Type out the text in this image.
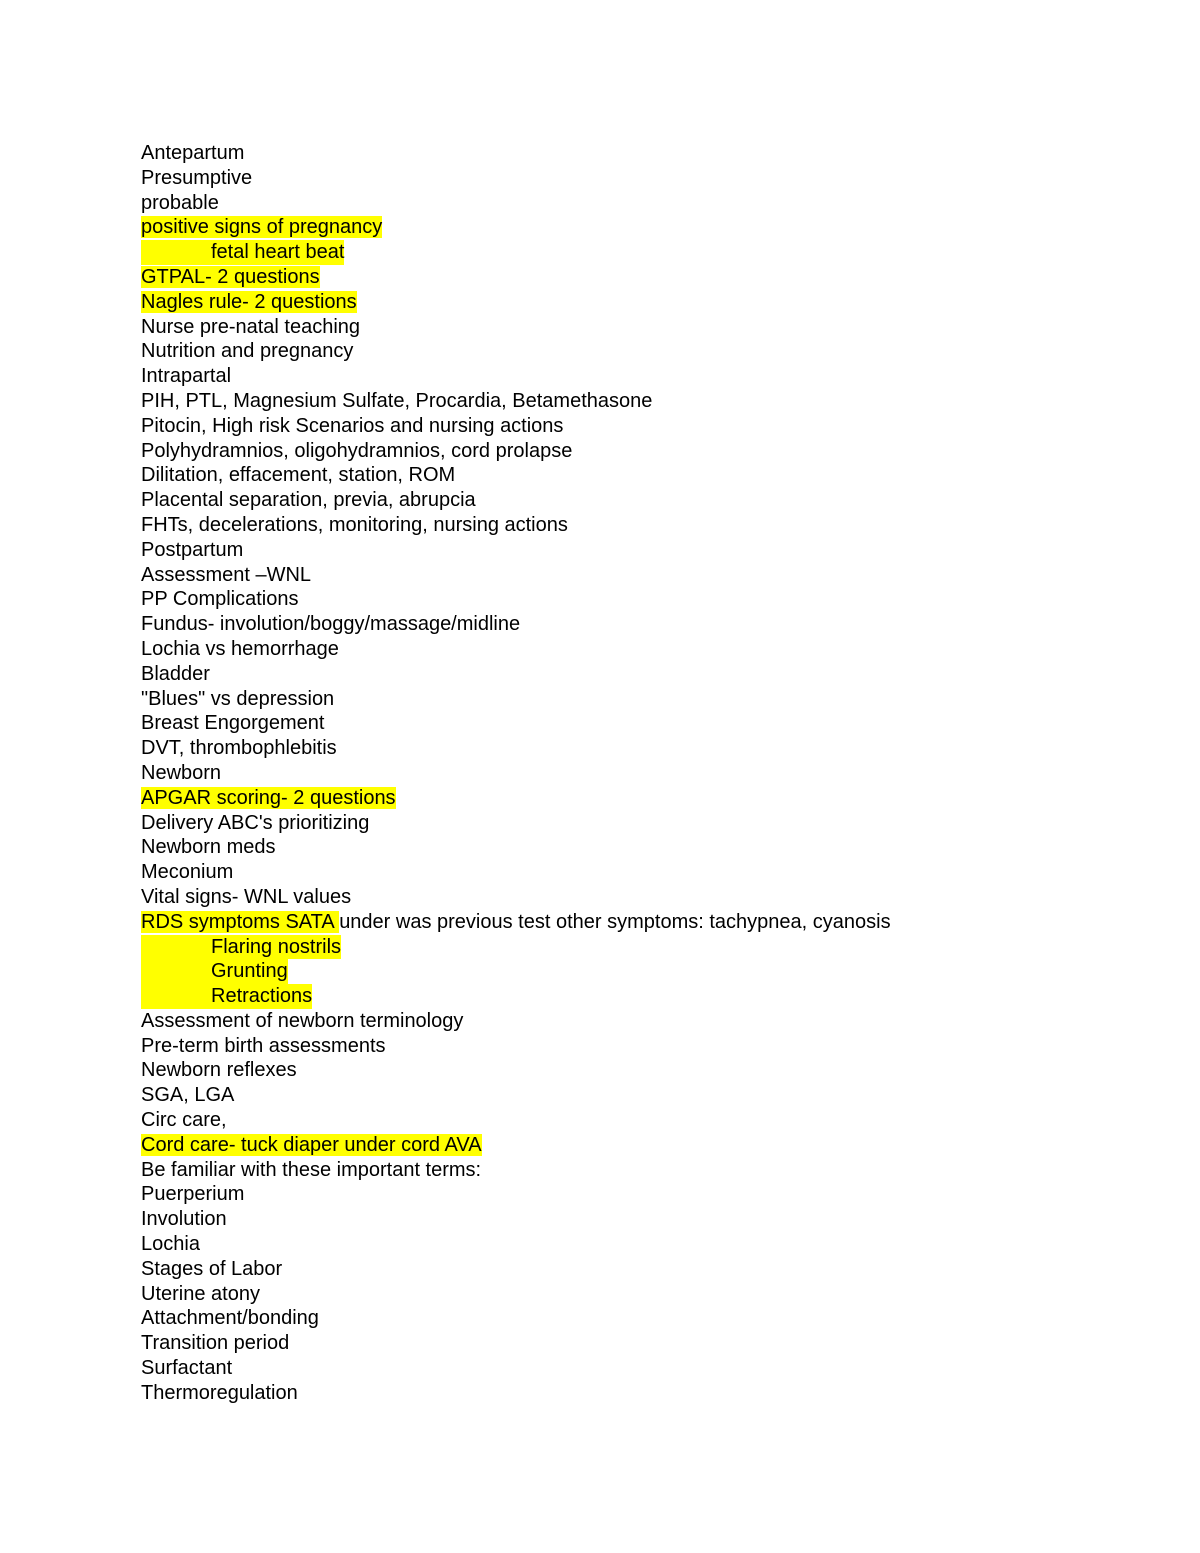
Antepartum
Presumptive
probable
positive signs of pregnancy
fetal heart beat
GTPAL- 2 questions
Nagles rule- 2 questions
Nurse pre-natal teaching
Nutrition and pregnancy
Intrapartal
PIH, PTL, Magnesium Sulfate, Procardia, Betamethasone
Pitocin, High risk Scenarios and nursing actions
Polyhydramnios, oligohydramnios, cord prolapse
Dilitation, effacement, station, ROM
Placental separation, previa, abrupcia
FHTs, decelerations, monitoring, nursing actions
Postpartum
Assessment –WNL
PP Complications
Fundus- involution/boggy/massage/midline
Lochia vs hemorrhage
Bladder
"Blues" vs depression
Breast Engorgement
DVT, thrombophlebitis
Newborn
APGAR scoring- 2 questions
Delivery ABC's prioritizing
Newborn meds
Meconium
Vital signs- WNL values
RDS symptoms SATA under was previous test other symptoms: tachypnea, cyanosis
Flaring nostrils
Grunting
Retractions
Assessment of newborn terminology
Pre-term birth assessments
Newborn reflexes
SGA, LGA
Circ care,
Cord care- tuck diaper under cord AVA
Be familiar with these important terms:
Puerperium
Involution
Lochia
Stages of Labor
Uterine atony
Attachment/bonding
Transition period
Surfactant
Thermoregulation
